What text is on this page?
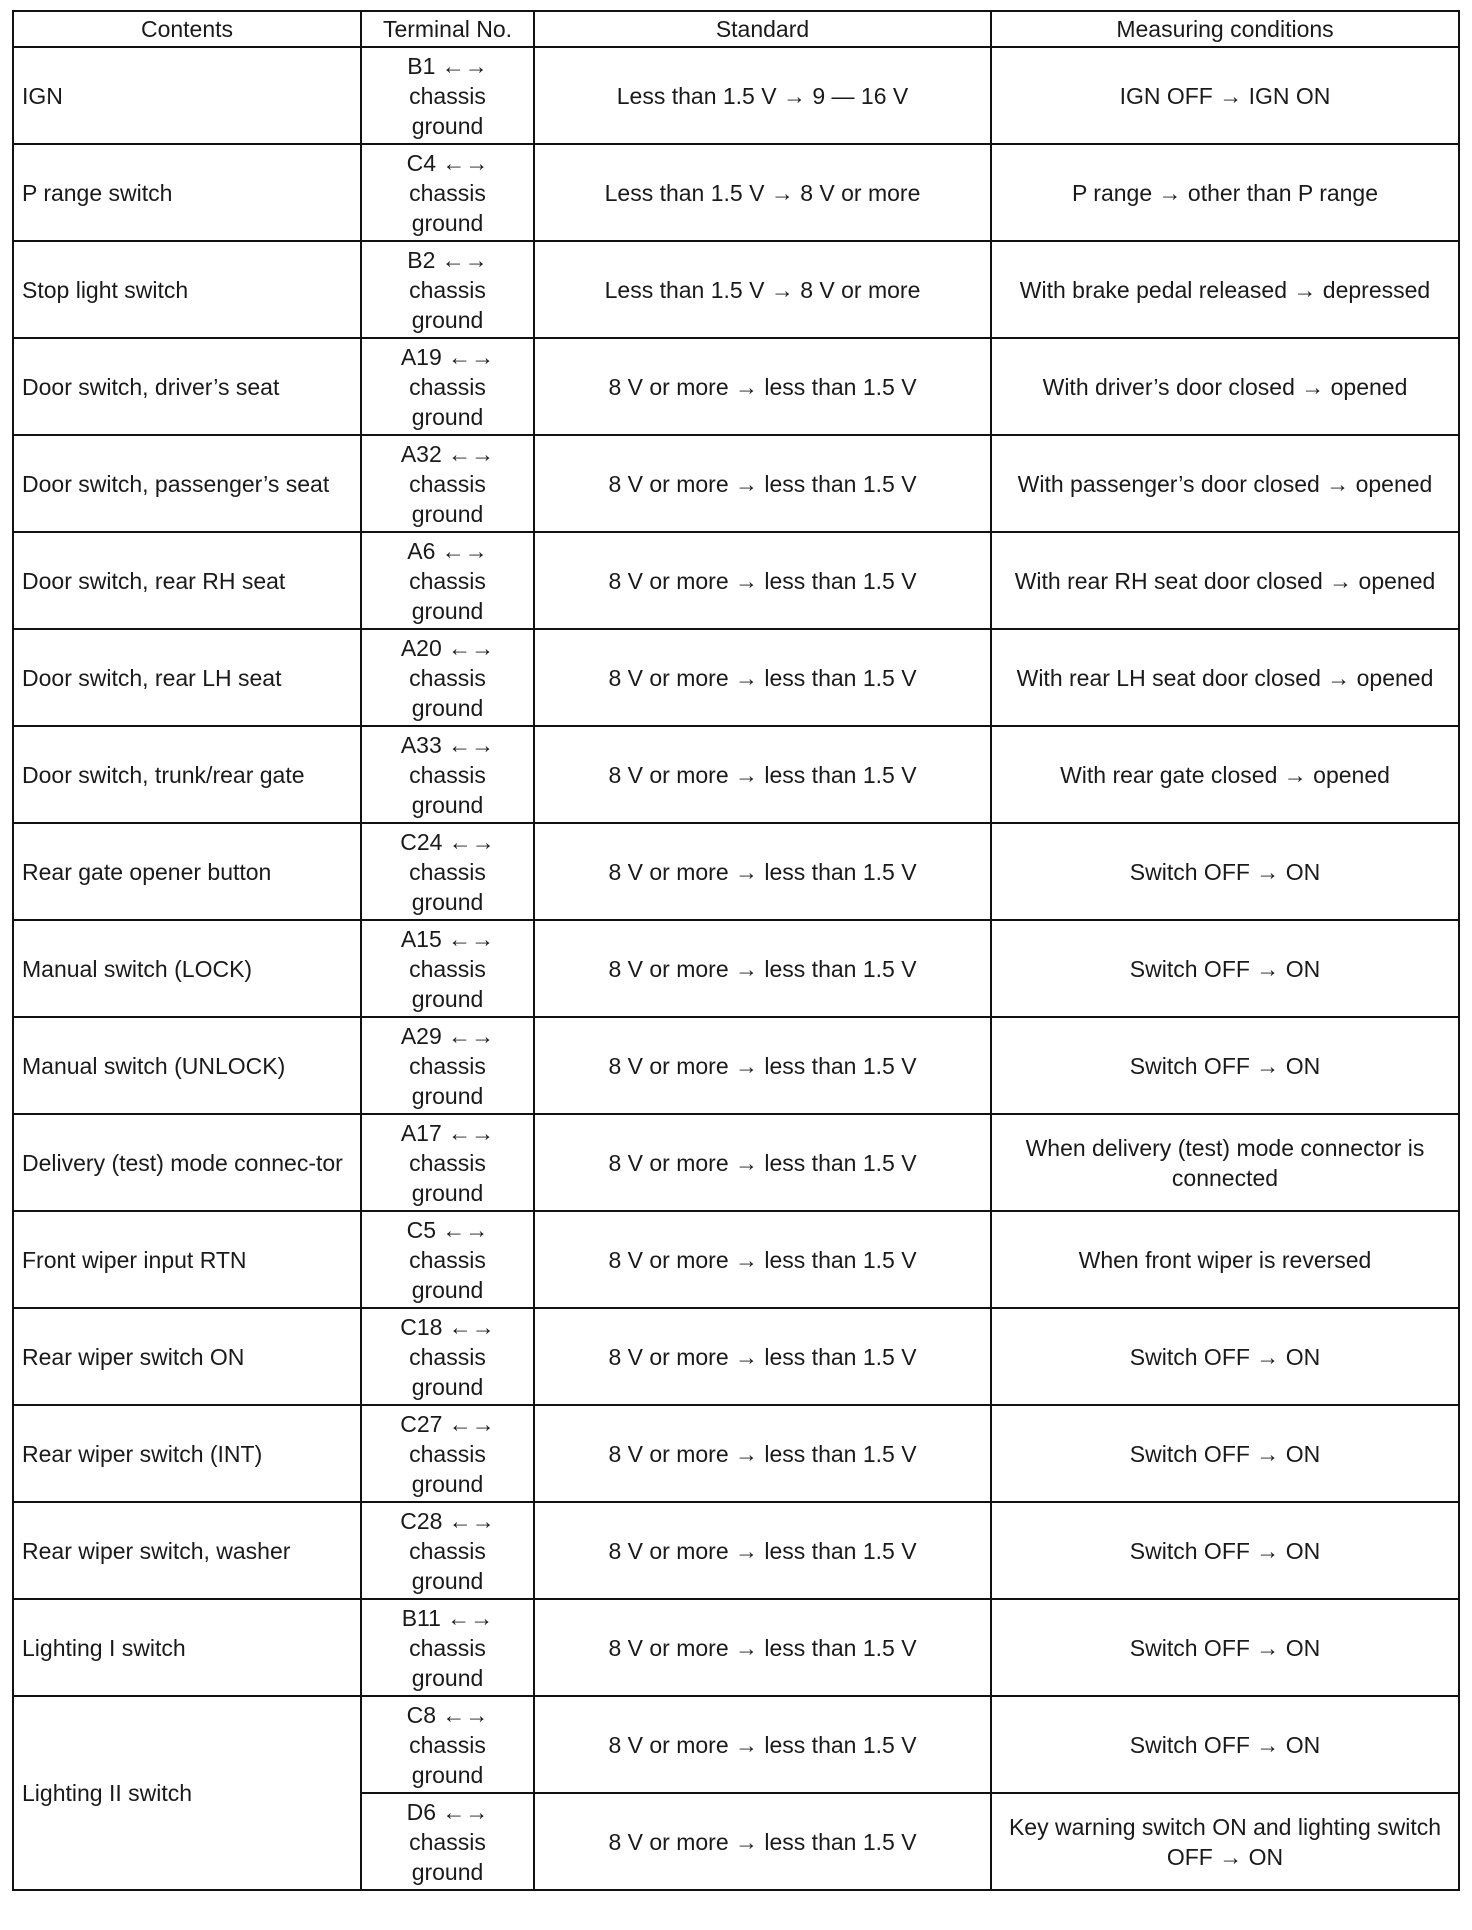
Contents	Terminal No.	Standard	Measuring conditions
IGN	B1 ←→
chassis
ground	Less than 1.5 V → 9 — 16 V	IGN OFF → IGN ON
P range switch	C4 ←→
chassis
ground	Less than 1.5 V → 8 V or more	P range → other than P range
Stop light switch	B2 ←→
chassis
ground	Less than 1.5 V → 8 V or more	With brake pedal released → depressed
Door switch, driver’s seat	A19 ←→
chassis
ground	8 V or more → less than 1.5 V	With driver’s door closed → opened
Door switch, passenger’s seat	A32 ←→
chassis
ground	8 V or more → less than 1.5 V	With passenger’s door closed → opened
Door switch, rear RH seat	A6 ←→
chassis
ground	8 V or more → less than 1.5 V	With rear RH seat door closed → opened
Door switch, rear LH seat	A20 ←→
chassis
ground	8 V or more → less than 1.5 V	With rear LH seat door closed → opened
Door switch, trunk/rear gate	A33 ←→
chassis
ground	8 V or more → less than 1.5 V	With rear gate closed → opened
Rear gate opener button	C24 ←→
chassis
ground	8 V or more → less than 1.5 V	Switch OFF → ON
Manual switch (LOCK)	A15 ←→
chassis
ground	8 V or more → less than 1.5 V	Switch OFF → ON
Manual switch (UNLOCK)	A29 ←→
chassis
ground	8 V or more → less than 1.5 V	Switch OFF → ON
Delivery (test) mode connec-tor	A17 ←→
chassis
ground	8 V or more → less than 1.5 V	When delivery (test) mode connector is connected
Front wiper input RTN	C5 ←→
chassis
ground	8 V or more → less than 1.5 V	When front wiper is reversed
Rear wiper switch ON	C18 ←→
chassis
ground	8 V or more → less than 1.5 V	Switch OFF → ON
Rear wiper switch (INT)	C27 ←→
chassis
ground	8 V or more → less than 1.5 V	Switch OFF → ON
Rear wiper switch, washer	C28 ←→
chassis
ground	8 V or more → less than 1.5 V	Switch OFF → ON
Lighting I switch	B11 ←→
chassis
ground	8 V or more → less than 1.5 V	Switch OFF → ON
Lighting II switch	C8 ←→
chassis
ground	8 V or more → less than 1.5 V	Switch OFF → ON

	D6 ←→
chassis
ground	8 V or more → less than 1.5 V	Key warning switch ON and lighting switch OFF → ON
